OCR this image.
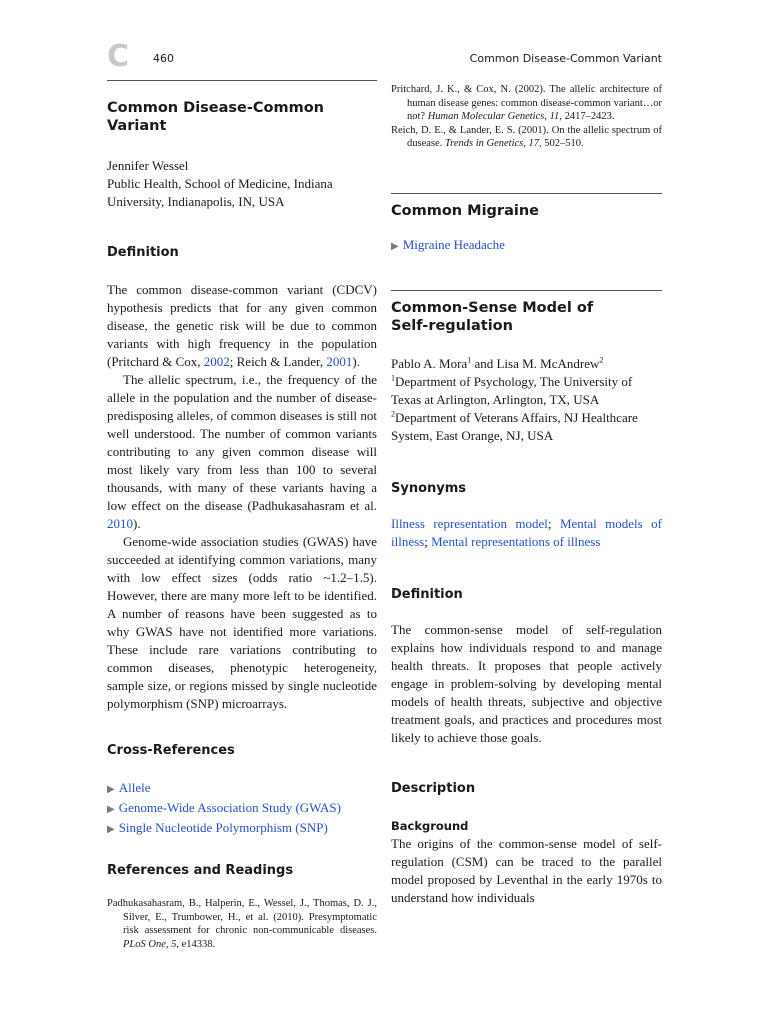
C 460	Common Disease-Common Variant
Common Disease-Common Variant
Jennifer Wessel
Public Health, School of Medicine, Indiana
University, Indianapolis, IN, USA
Definition

The common disease-common variant (CDCV) hypothesis predicts that for any given common disease, the genetic risk will be due to common variants with high frequency in the population (Pritchard & Cox, 2002; Reich & Lander, 2001).

The allelic spectrum, i.e., the frequency of the allele in the population and the number of disease-predisposing alleles, of common diseases is still not well understood. The number of common variants contributing to any given common disease will most likely vary from less than 100 to several thousands, with many of these variants having a low effect on the disease (Padhukasahasram et al. 2010).

Genome-wide association studies (GWAS) have succeeded at identifying common variations, many with low effect sizes (odds ratio ~1.2–1.5). However, there are many more left to be identified. A number of reasons have been suggested as to why GWAS have not identified more variations. These include rare variations contributing to common diseases, phenotypic heterogeneity, sample size, or regions missed by single nucleotide polymorphism (SNP) microarrays.

Cross-References
▶ Allele
▶ Genome-Wide Association Study (GWAS)
▶ Single Nucleotide Polymorphism (SNP)
References and Readings

Padhukasahasram, B., Halperin, E., Wessel, J., Thomas, D. J., Silver, E., Trumbower, H., et al. (2010). Presymptomatic risk assessment for chronic non-communicable diseases. PLoS One, 5, e14338.

Pritchard, J. K., & Cox, N. (2002). The allelic architecture of human disease genes: common disease-common variant…or not? Human Molecular Genetics, 11, 2417–2423.

Reich, D. E., & Lander, E. S. (2001). On the allelic spectrum of dusease. Trends in Genetics, 17, 502–510.

Common Migraine
▶ Migraine Headache
Common-Sense Model of
Self-regulation
Pablo A. Mora$^1$ and Lisa M. McAndrew$^2$
$^1$Department of Psychology, The University of Texas at Arlington, Arlington, TX, USA
$^2$Department of Veterans Affairs, NJ Healthcare System, East Orange, NJ, USA
Synonyms

Illness representation model; Mental models of illness; Mental representations of illness

Definition

The common-sense model of self-regulation explains how individuals respond to and manage health threats. It proposes that people actively engage in problem-solving by developing mental models of health threats, subjective and objective treatment goals, and practices and procedures most likely to achieve those goals.

Description
Background

The origins of the common-sense model of self-regulation (CSM) can be traced to the parallel model proposed by Leventhal in the early 1970s to understand how individuals
